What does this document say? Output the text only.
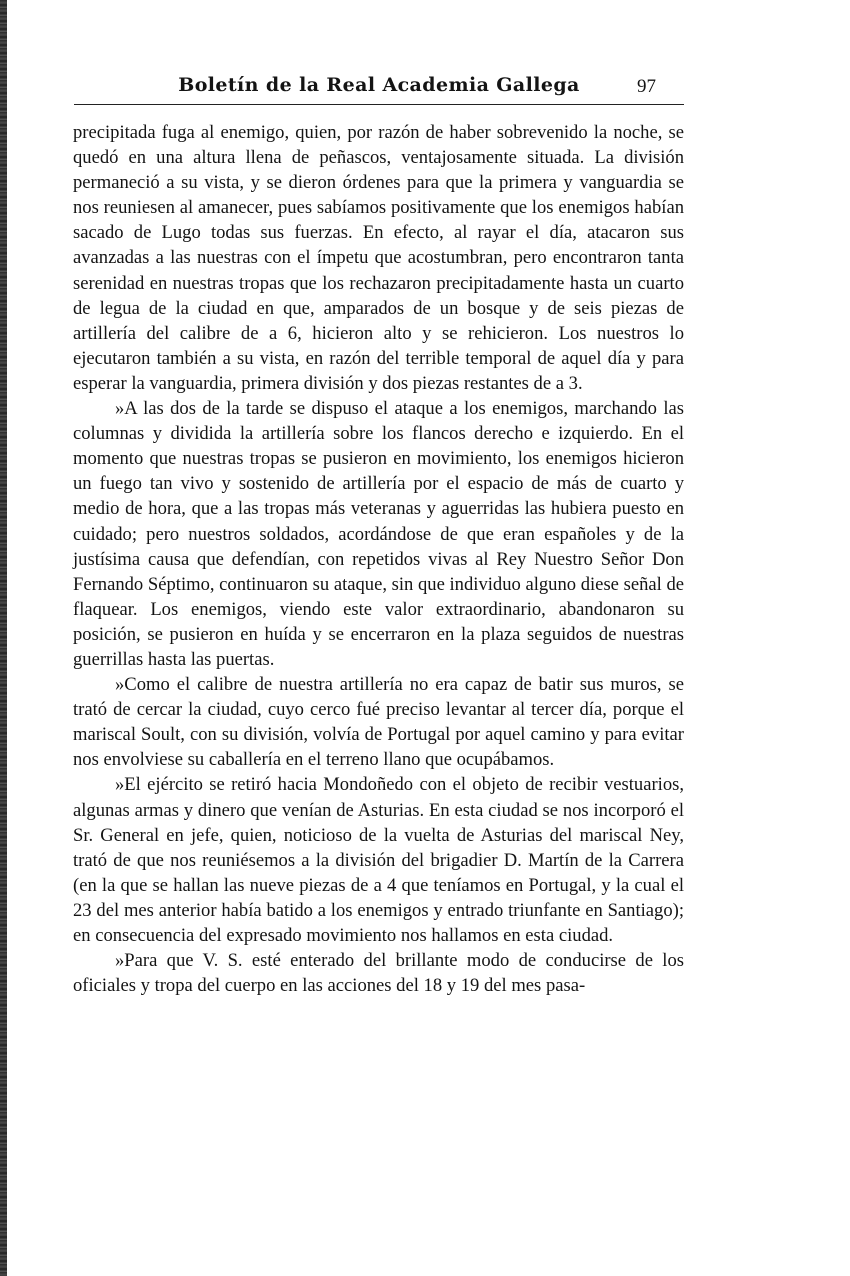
Boletín de la Real Academia Gallega	97

precipitada fuga al enemigo, quien, por razón de haber sobrevenido la noche, se quedó en una altura llena de peñascos, ventajosamente situada. La división permaneció a su vista, y se dieron órdenes para que la primera y vanguardia se nos reuniesen al amanecer, pues sabíamos positivamente que los enemigos habían sacado de Lugo todas sus fuerzas. En efecto, al rayar el día, atacaron sus avanzadas a las nuestras con el ímpetu que acostumbran, pero encontraron tanta serenidad en nuestras tropas que los rechazaron precipitadamente hasta un cuarto de legua de la ciudad en que, amparados de un bosque y de seis piezas de artillería del calibre de a 6, hicieron alto y se rehicieron. Los nuestros lo ejecutaron también a su vista, en razón del terrible temporal de aquel día y para esperar la vanguardia, primera división y dos piezas restantes de a 3.

»A las dos de la tarde se dispuso el ataque a los enemigos, marchando las columnas y dividida la artillería sobre los flancos derecho e izquierdo. En el momento que nuestras tropas se pusieron en movimiento, los enemigos hicieron un fuego tan vivo y sostenido de artillería por el espacio de más de cuarto y medio de hora, que a las tropas más veteranas y aguerridas las hubiera puesto en cuidado; pero nuestros soldados, acordándose de que eran españoles y de la justísima causa que defendían, con repetidos vivas al Rey Nuestro Señor Don Fernando Séptimo, continuaron su ataque, sin que individuo alguno diese señal de flaquear. Los enemigos, viendo este valor extraordinario, abandonaron su posición, se pusieron en huída y se encerraron en la plaza seguidos de nuestras guerrillas hasta las puertas.

»Como el calibre de nuestra artillería no era capaz de batir sus muros, se trató de cercar la ciudad, cuyo cerco fué preciso levantar al tercer día, porque el mariscal Soult, con su división, volvía de Portugal por aquel camino y para evitar nos envolviese su caballería en el terreno llano que ocupábamos.

»El ejército se retiró hacia Mondoñedo con el objeto de recibir vestuarios, algunas armas y dinero que venían de Asturias. En esta ciudad se nos incorporó el Sr. General en jefe, quien, noticioso de la vuelta de Asturias del mariscal Ney, trató de que nos reuniésemos a la división del brigadier D. Martín de la Carrera (en la que se hallan las nueve piezas de a 4 que teníamos en Portugal, y la cual el 23 del mes anterior había batido a los enemigos y entrado triunfante en Santiago); en consecuencia del expresado movimiento nos hallamos en esta ciudad.

»Para que V. S. esté enterado del brillante modo de conducirse de los oficiales y tropa del cuerpo en las acciones del 18 y 19 del mes pasa-
